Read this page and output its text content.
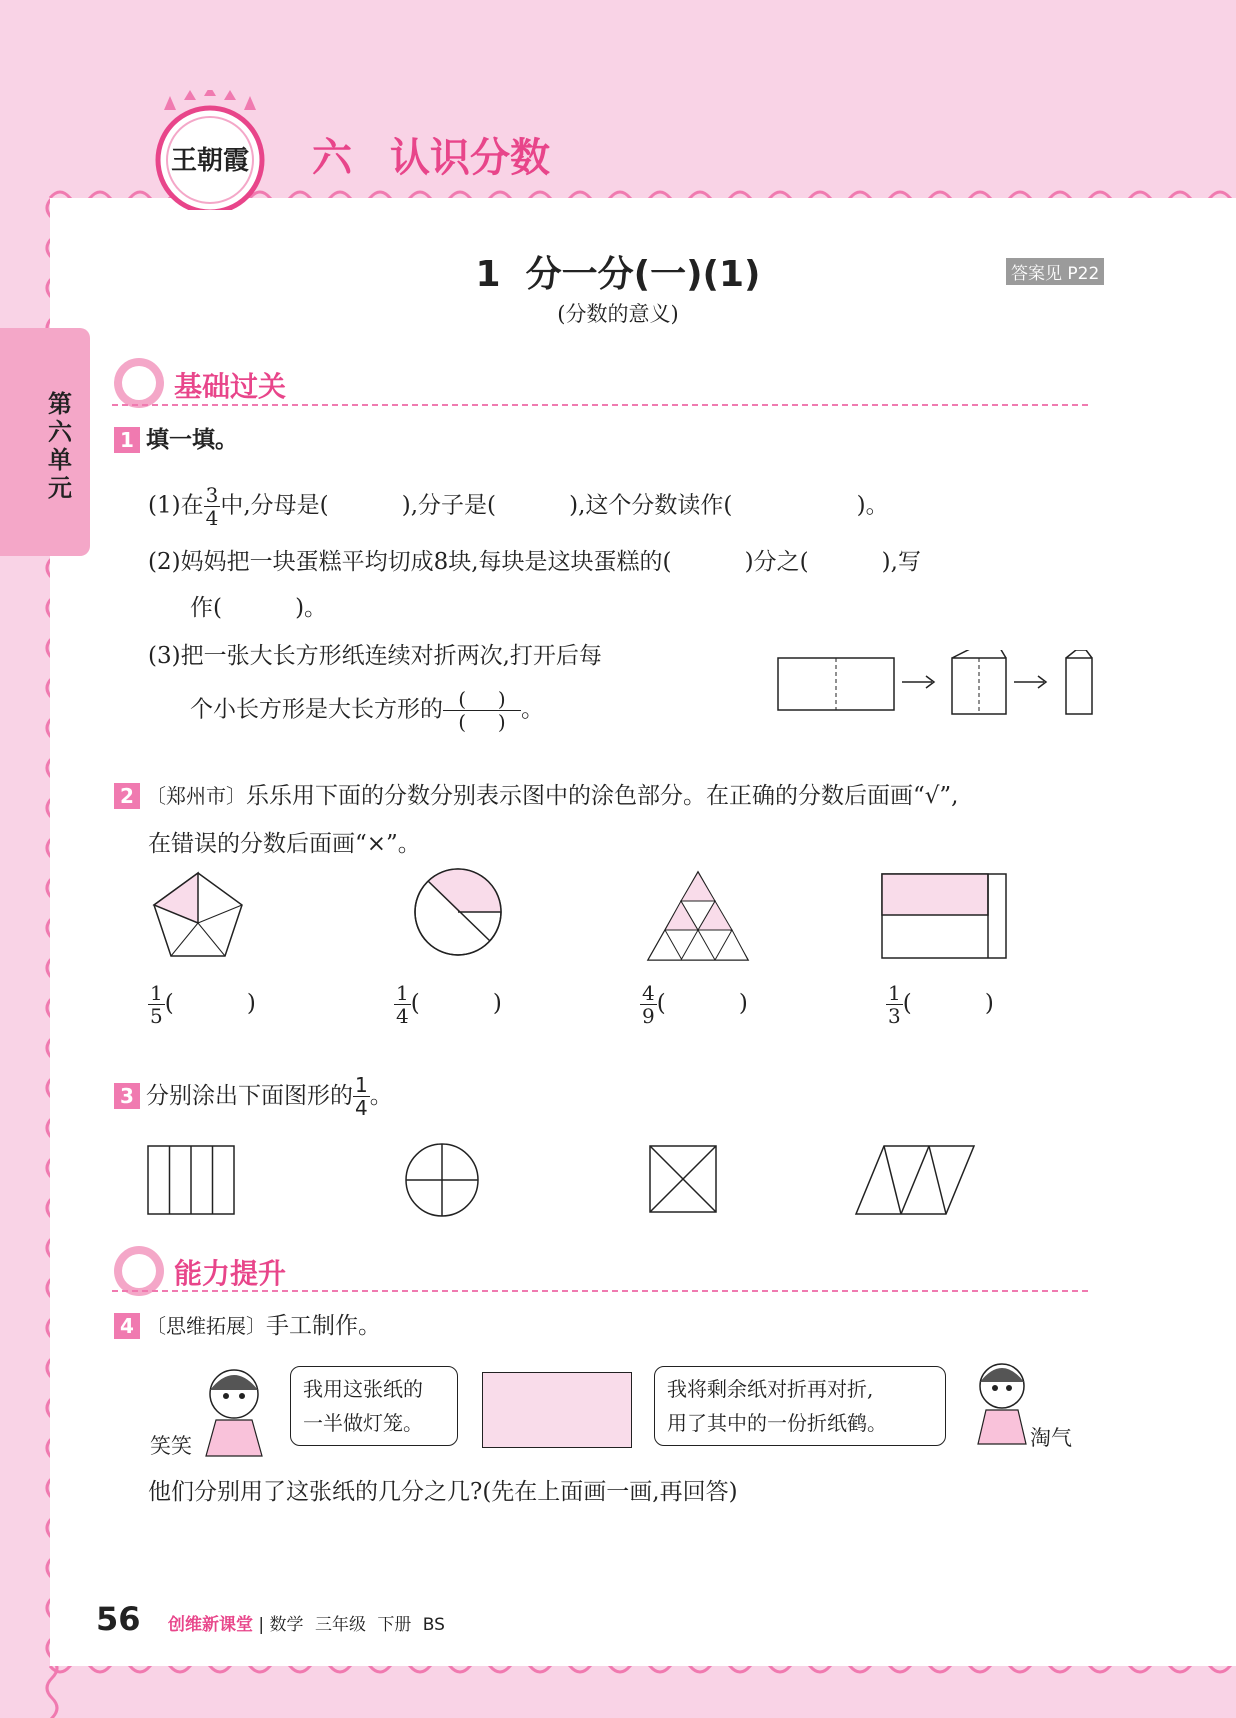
王朝霞 六 认识分数
第六单元
1  分一分(一)(1)
(分数的意义)
答案见 P22
基础过关
1 填一填。
(1)在 $\frac{3}{4}$ 中,分母是(          ),分子是(          ),这个分数读作(                 )。
(2)妈妈把一块蛋糕平均切成8块,每块是这块蛋糕的(          )分之(          ),写
作(          )。
(3)把一张大长方形纸连续对折两次,打开后每
个小长方形是大长方形的 $\frac{( )}{( )}$ 。
2 〔郑州市〕乐乐用下面的分数分别表示图中的涂色部分。在正确的分数后面画“√”,
在错误的分数后面画“×”。
$\frac{1}{5}$ (          )	$\frac{1}{4}$ (          )	$\frac{4}{9}$ (          )	$\frac{1}{3}$ (          )
3 分别涂出下面图形的 $\frac{1}{4}$ 。
能力提升
4 〔思维拓展〕手工制作。
笑笑
我用这张纸的
一半做灯笼。
我将剩余纸对折再对折,
用了其中的一份折纸鹤。
淘气
他们分别用了这张纸的几分之几?(先在上面画一画,再回答)
56 创维新课堂 | 数学 三年级 下册 BS
